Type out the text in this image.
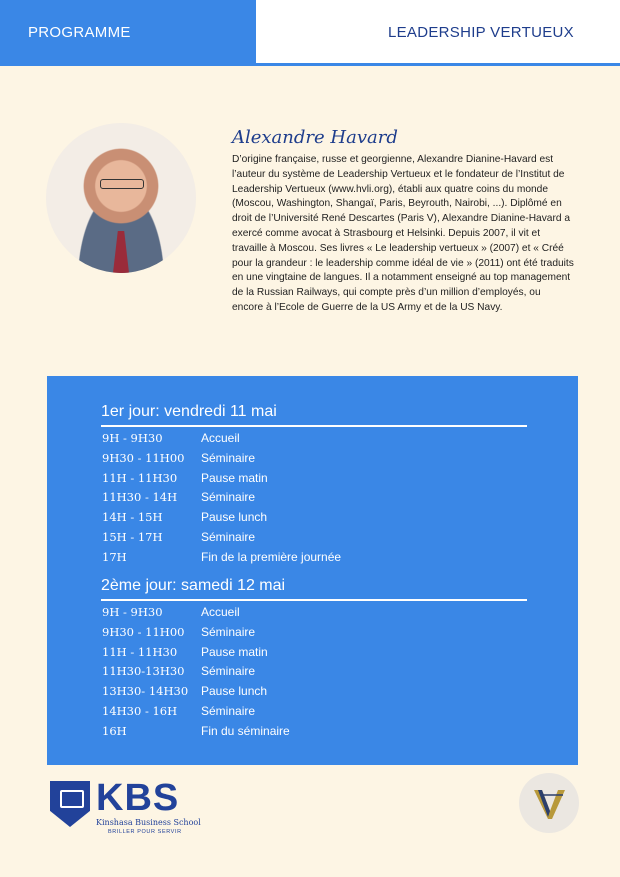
PROGRAMME	LEADERSHIP VERTUEUX
Alexandre Havard

D’origine française, russe et georgienne, Alexandre Dianine-Havard est l’auteur du système de Leadership Vertueux et le fondateur de l’Institut de Leadership Vertueux (www.hvli.org), établi aux quatre coins du monde (Moscou, Washington, Shangaï, Paris, Beyrouth, Nairobi, ...). Diplômé en droit de l’Université René Descartes (Paris V), Alexandre Dianine-Havard a exercé comme avocat à Strasbourg et Helsinki. Depuis 2007, il vit et travaille à Moscou. Ses livres « Le leadership vertueux » (2007) et « Créé pour la grandeur : le leadership comme idéal de vie » (2011) ont été traduits en une vingtaine de langues. Il a notamment enseigné au top management de la Russian Railways, qui compte près d’un million d’employés, ou encore à l’Ecole de Guerre de la US Army et de la US Navy.

1er jour: vendredi 11 mai
9H - 9H30	Accueil
9H30 - 11H00 Séminaire
11H - 11H30 Pause matin
11H30 - 14H Séminaire
14H - 15H	Pause lunch
15H - 17H	Séminaire
17H	Fin de la première journée
2ème jour: samedi 12 mai
9H - 9H30	Accueil
9H30 - 11H00 Séminaire
11H - 11H30 Pause matin
11H30-13H30 Séminaire
13H30- 14H30 Pause lunch
14H30 - 16H Séminaire
16H	Fin du séminaire
KBS
Kinshasa Business School
BRILLER POUR SERVIR
